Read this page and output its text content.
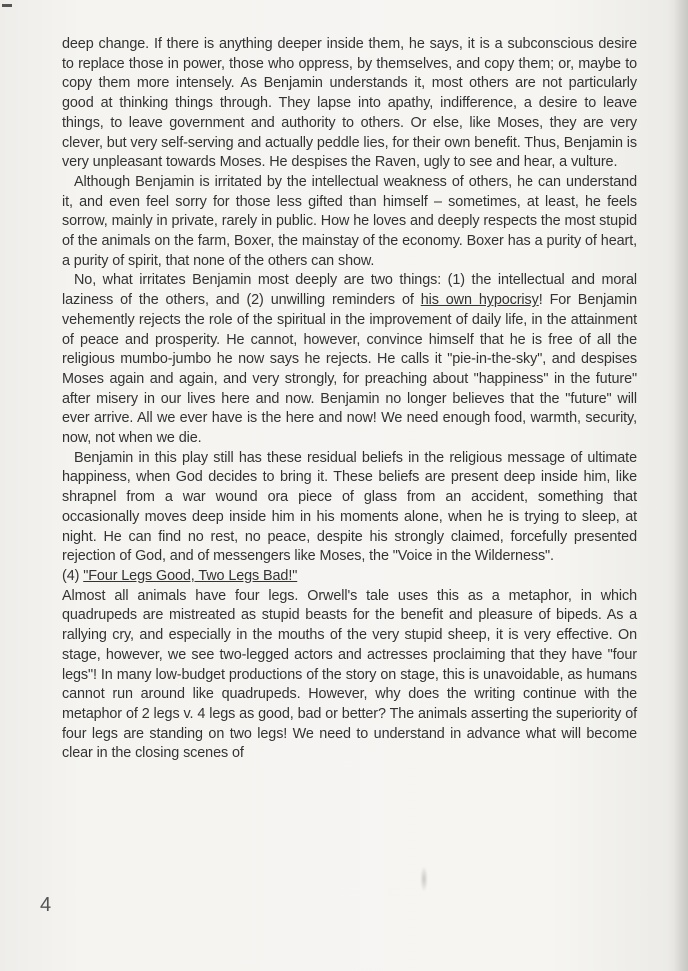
deep change. If there is anything deeper inside them, he says, it is a subconscious desire to replace those in power, those who oppress, by themselves, and copy them; or, maybe to copy them more intensely. As Benjamin understands it, most others are not particularly good at thinking things through. They lapse into apathy, indifference, a desire to leave things, to leave government and authority to others. Or else, like Moses, they are very clever, but very self-serving and actually peddle lies, for their own benefit. Thus, Benjamin is very unpleasant towards Moses. He despises the Raven, ugly to see and hear, a vulture.

Although Benjamin is irritated by the intellectual weakness of others, he can understand it, and even feel sorry for those less gifted than himself – sometimes, at least, he feels sorrow, mainly in private, rarely in public. How he loves and deeply respects the most stupid of the animals on the farm, Boxer, the mainstay of the economy. Boxer has a purity of heart, a purity of spirit, that none of the others can show.

No, what irritates Benjamin most deeply are two things: (1) the intellectual and moral laziness of the others, and (2) unwilling reminders of his own hypocrisy! For Benjamin vehemently rejects the role of the spiritual in the improvement of daily life, in the attainment of peace and prosperity. He cannot, however, convince himself that he is free of all the religious mumbo-jumbo he now says he rejects. He calls it "pie-in-the-sky", and despises Moses again and again, and very strongly, for preaching about "happiness" in the future" after misery in our lives here and now. Benjamin no longer believes that the "future" will ever arrive. All we ever have is the here and now! We need enough food, warmth, security, now, not when we die.

Benjamin in this play still has these residual beliefs in the religious message of ultimate happiness, when God decides to bring it. These beliefs are present deep inside him, like shrapnel from a war wound ora piece of glass from an accident, something that occasionally moves deep inside him in his moments alone, when he is trying to sleep, at night. He can find no rest, no peace, despite his strongly claimed, forcefully presented rejection of God, and of messengers like Moses, the "Voice in the Wilderness".

(4) "Four Legs Good, Two Legs Bad!"

Almost all animals have four legs. Orwell's tale uses this as a metaphor, in which quadrupeds are mistreated as stupid beasts for the benefit and pleasure of bipeds. As a rallying cry, and especially in the mouths of the very stupid sheep, it is very effective. On stage, however, we see two-legged actors and actresses proclaiming that they have "four legs"! In many low-budget productions of the story on stage, this is unavoidable, as humans cannot run around like quadrupeds. However, why does the writing continue with the metaphor of 2 legs v. 4 legs as good, bad or better? The animals asserting the superiority of four legs are standing on two legs! We need to understand in advance what will become clear in the closing scenes of

4
